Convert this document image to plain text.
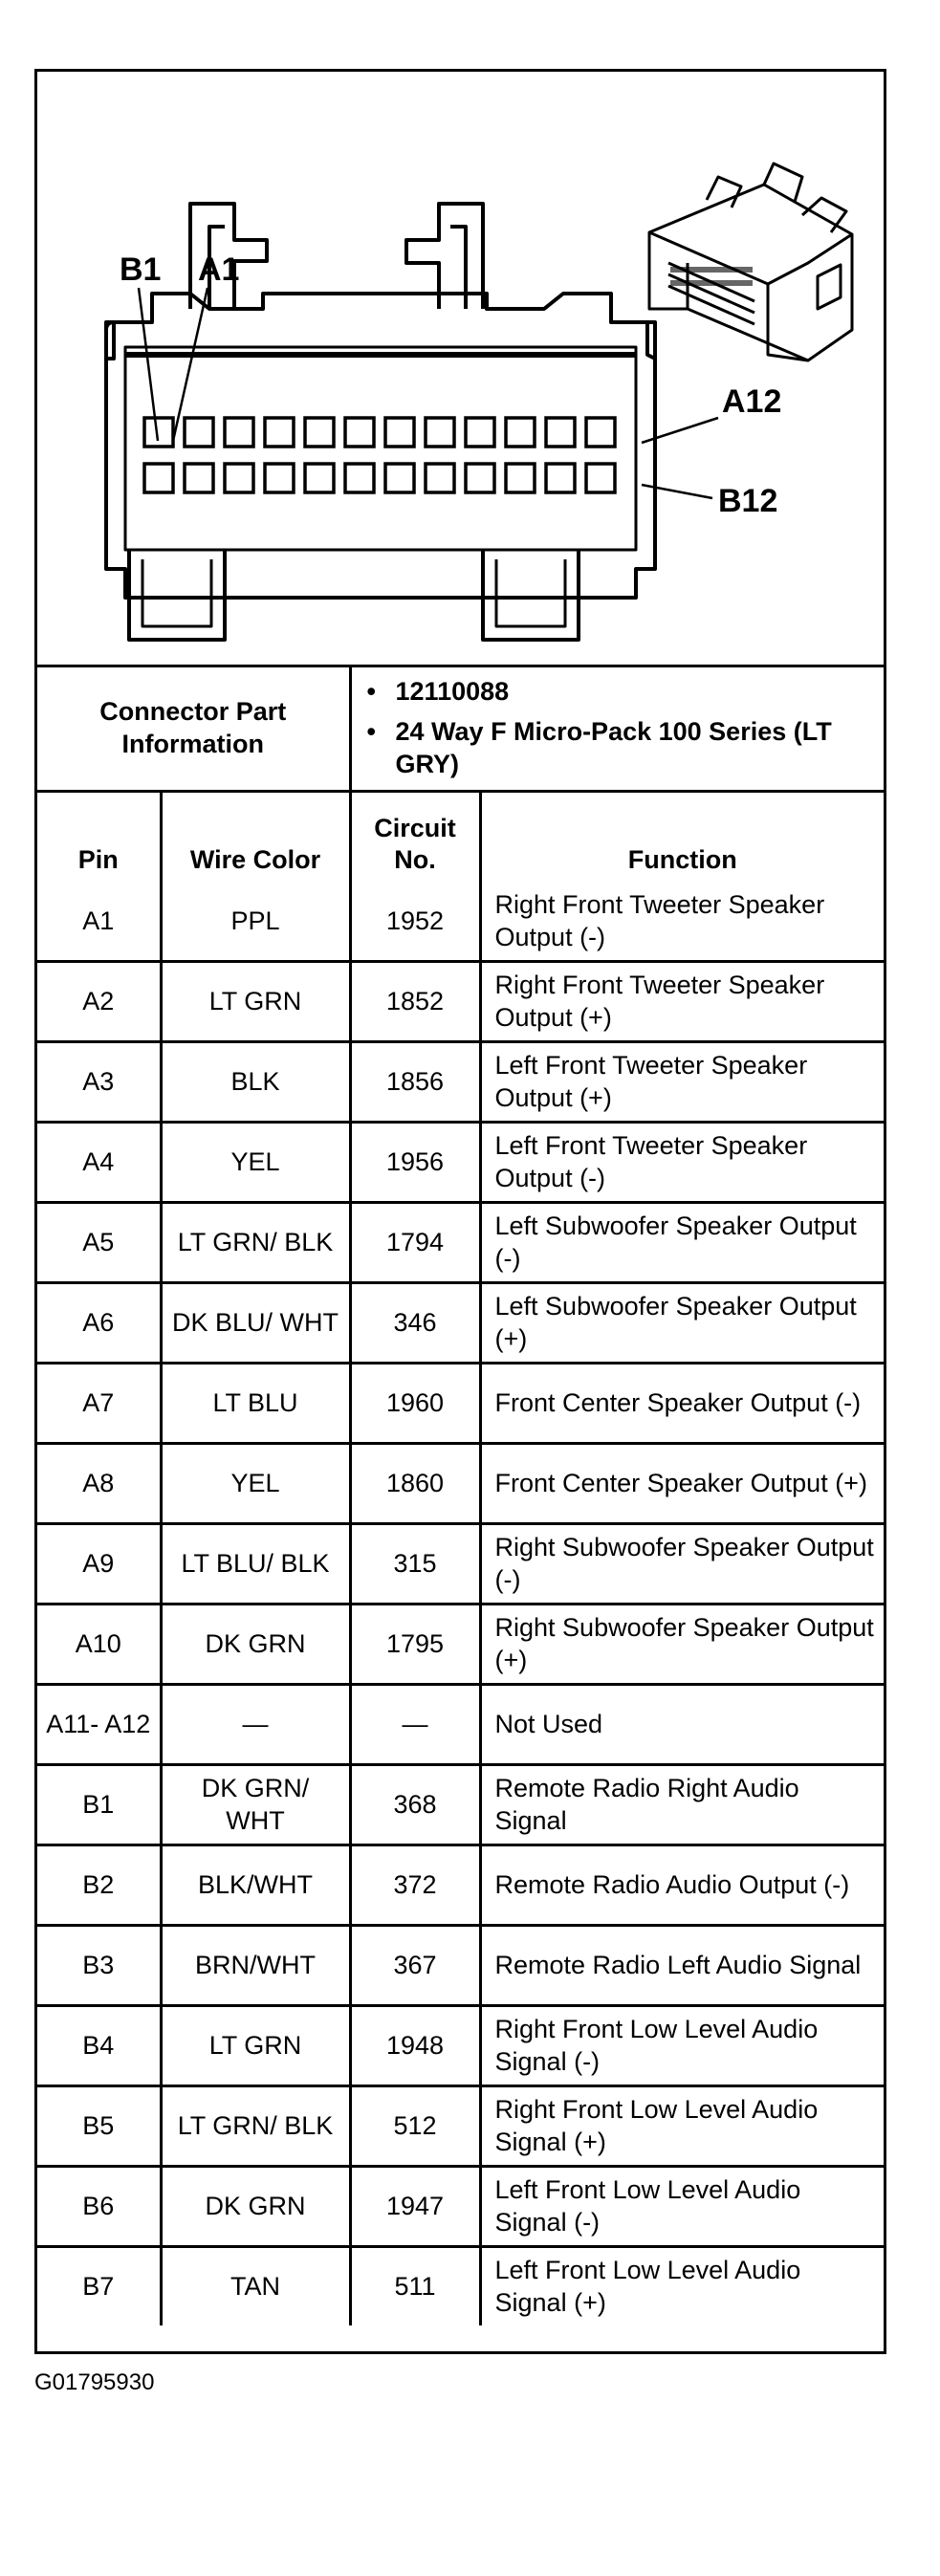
B1 A1
A12
B12
Connector Part Information		• 12110088
• 24 Way F Micro-Pack 100 Series (LT GRY)	

Pin	Wire Color	Circuit No.	Function
A1	PPL	1952	Right Front Tweeter Speaker Output (-)
A2	LT GRN	1852	Right Front Tweeter Speaker Output (+)
A3	BLK	1856	Left Front Tweeter Speaker Output (+)
A4	YEL	1956	Left Front Tweeter Speaker Output (-)
A5	LT GRN/ BLK	1794	Left Subwoofer Speaker Output (-)
A6	DK BLU/ WHT	346	Left Subwoofer Speaker Output (+)
A7	LT BLU	1960	Front Center Speaker Output (-)
A8	YEL	1860	Front Center Speaker Output (+)
A9	LT BLU/ BLK	315	Right Subwoofer Speaker Output (-)
A10	DK GRN	1795	Right Subwoofer Speaker Output (+)
A11- A12	—	—	Not Used
B1	DK GRN/ WHT	368	Remote Radio Right Audio Signal
B2	BLK/WHT	372	Remote Radio Audio Output (-)
B3	BRN/WHT	367	Remote Radio Left Audio Signal
B4	LT GRN	1948	Right Front Low Level Audio Signal (-)
B5	LT GRN/ BLK	512	Right Front Low Level Audio Signal (+)
B6	DK GRN	1947	Left Front Low Level Audio Signal (-)
B7	TAN	511	Left Front Low Level Audio Signal (+)
G01795930
